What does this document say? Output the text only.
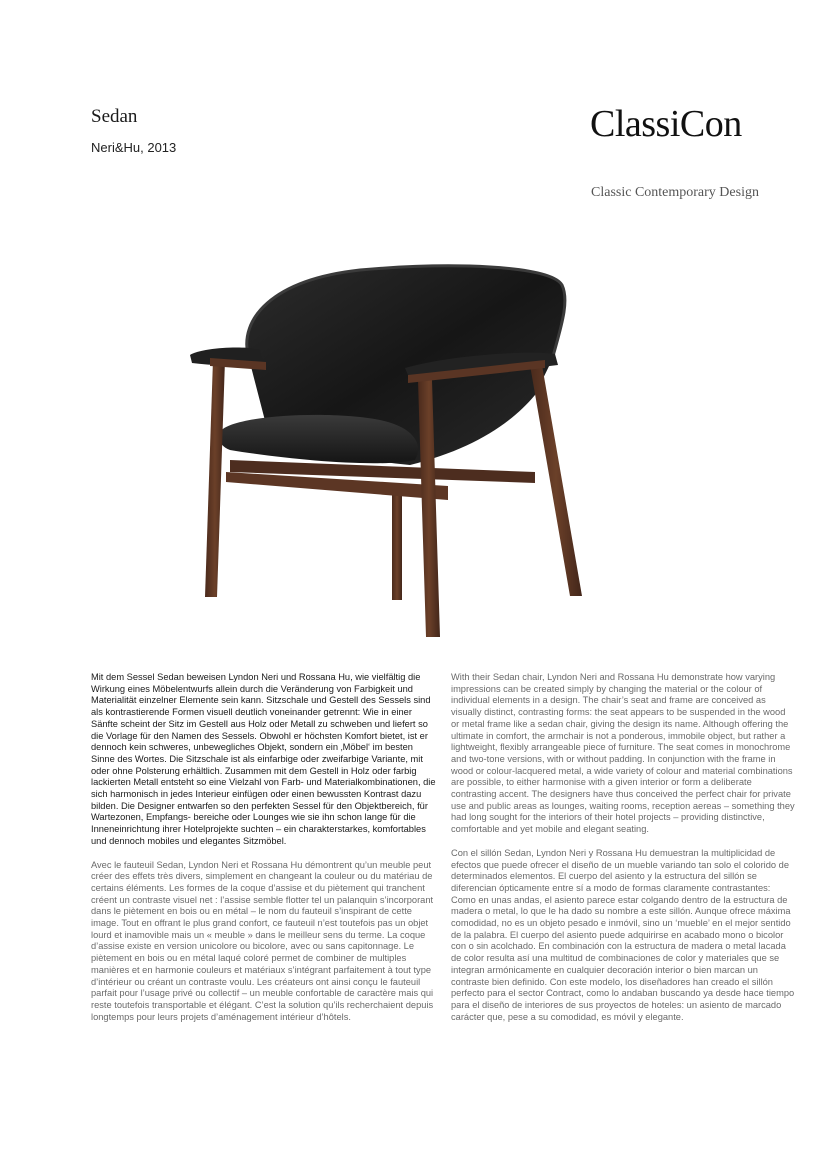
Sedan
Neri&Hu, 2013
ClassiCon
Classic Contemporary Design

Mit dem Sessel Sedan beweisen Lyndon Neri und Rossana Hu, wie vielfältig die Wirkung eines Möbelentwurfs allein durch die Veränderung von Farbigkeit und Materialität einzelner Elemente sein kann. Sitzschale und Gestell des Sessels sind als kontrastierende Formen visuell deutlich voneinander getrennt: Wie in einer Sänfte scheint der Sitz im Gestell aus Holz oder Metall zu schweben und liefert so die Vorlage für den Namen des Sessels. Obwohl er höchsten Komfort bietet, ist er dennoch kein schweres, unbewegliches Objekt, sondern ein ‚Möbel‘ im besten Sinne des Wortes. Die Sitzschale ist als einfarbige oder zweifarbige Variante, mit oder ohne Polsterung erhältlich. Zusammen mit dem Gestell in Holz oder farbig lackierten Metall entsteht so eine Vielzahl von Farb- und Materialkombinationen, die sich harmonisch in jedes Interieur einfügen oder einen bewussten Kontrast dazu bilden. Die Designer entwarfen so den perfekten Sessel für den Objektbereich, für Wartezonen, Empfangs- bereiche oder Lounges wie sie ihn schon lange für die Inneneinrichtung ihrer Hotelprojekte suchten – ein charakterstarkes, komfortables und dennoch mobiles und elegantes Sitzmöbel.

Avec le fauteuil Sedan, Lyndon Neri et Rossana Hu démontrent qu’un meuble peut créer des effets très divers, simplement en changeant la couleur ou du matériau de certains éléments. Les formes de la coque d’assise et du piètement qui tranchent créent un contraste visuel net : l’assise semble flotter tel un palanquin s’incorporant dans le piètement en bois ou en métal – le nom du fauteuil s’inspirant de cette image. Tout en offrant le plus grand confort, ce fauteuil n’est toutefois pas un objet lourd et inamovible mais un « meuble » dans le meilleur sens du terme. La coque d’assise existe en version unicolore ou bicolore, avec ou sans capitonnage. Le piètement en bois ou en métal laqué coloré permet de combiner de multiples manières et en harmonie couleurs et matériaux s’intégrant parfaitement à tout type d’intérieur ou créant un contraste voulu. Les créateurs ont ainsi conçu le fauteuil parfait pour l’usage privé ou collectif – un meuble confortable de caractère mais qui reste toutefois transportable et élégant. C’est la solution qu’ils recherchaient depuis longtemps pour leurs projets d’aménagement intérieur d’hôtels.

With their Sedan chair, Lyndon Neri and Rossana Hu demonstrate how varying impressions can be created simply by changing the material or the colour of individual elements in a design. The chair’s seat and frame are conceived as visually distinct, contrasting forms: the seat appears to be suspended in the wood or metal frame like a sedan chair, giving the design its name. Although offering the ultimate in comfort, the armchair is not a ponderous, immobile object, but rather a lightweight, flexibly arrangeable piece of furniture. The seat comes in monochrome and two-tone versions, with or without padding. In conjunction with the frame in wood or colour-lacquered metal, a wide variety of colour and material combinations are possible, to either harmonise with a given interior or form a deliberate contrasting accent. The designers have thus conceived the perfect chair for private use and public areas as lounges, waiting rooms, reception aereas – something they had long sought for the interiors of their hotel projects – providing distinctive, comfortable and yet mobile and elegant seating.

Con el sillón Sedan, Lyndon Neri y Rossana Hu demuestran la multiplicidad de efectos que puede ofrecer el diseño de un mueble variando tan solo el colorido de determinados elementos. El cuerpo del asiento y la estructura del sillón se diferencian ópticamente entre sí a modo de formas claramente contrastantes: Como en unas andas, el asiento parece estar colgando dentro de la estructura de madera o metal, lo que le ha dado su nombre a este sillón. Aunque ofrece máxima comodidad, no es un objeto pesado e inmóvil, sino un ‘mueble’ en el mejor sentido de la palabra. El cuerpo del asiento puede adquirirse en acabado mono o bicolor con o sin acolchado. En combinación con la estructura de madera o metal lacada de color resulta así una multitud de combinaciones de color y materiales que se integran armónicamente en cualquier decoración interior o bien marcan un contraste bien definido. Con este modelo, los diseñadores han creado el sillón perfecto para el sector Contract, como lo andaban buscando ya desde hace tiempo para el diseño de interiores de sus proyectos de hoteles: un asiento de marcado carácter que, pese a su comodidad, es móvil y elegante.
